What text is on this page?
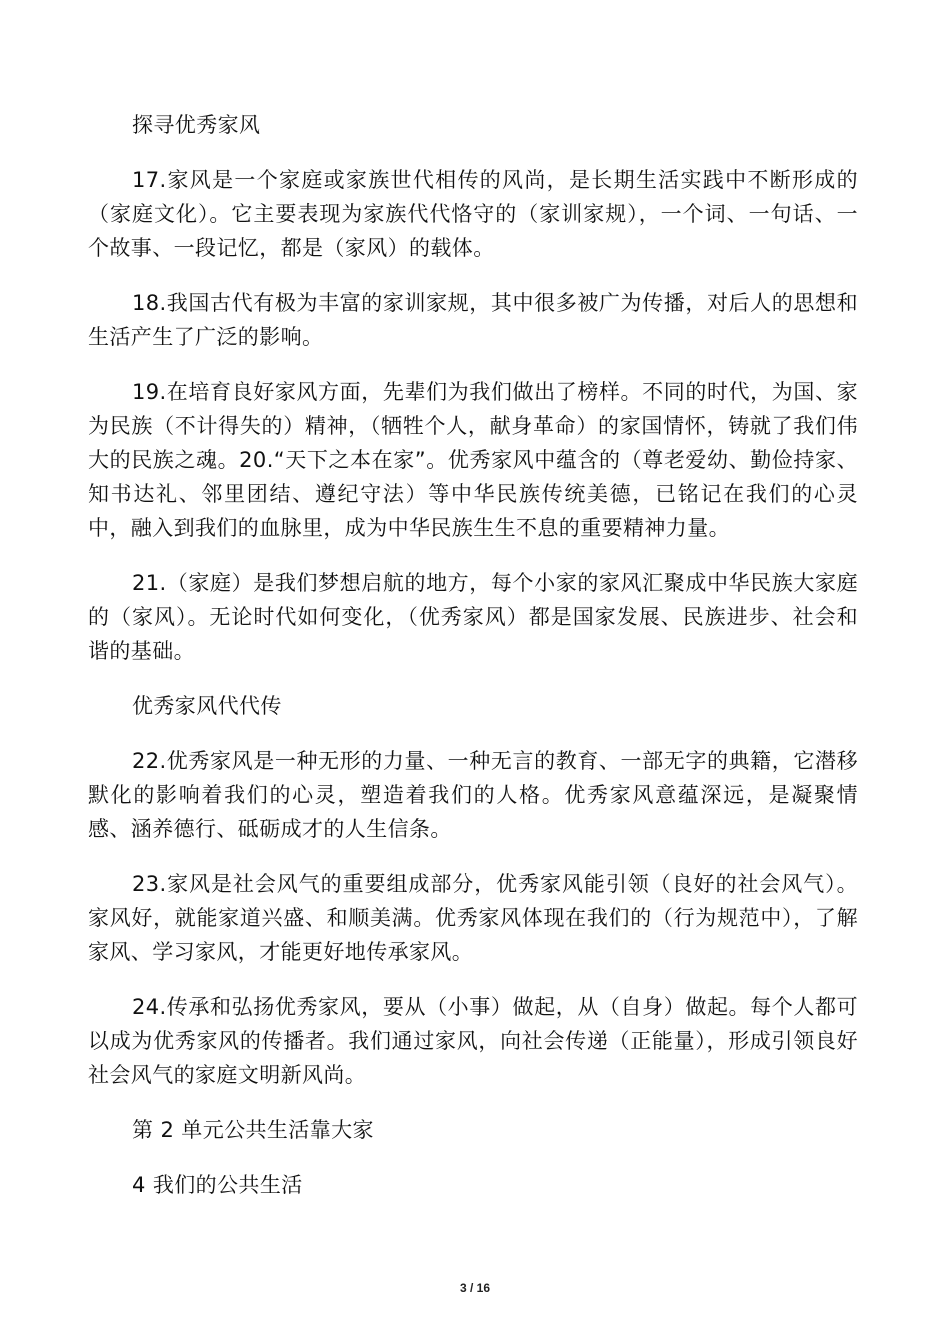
探寻优秀家风

17.家风是一个家庭或家族世代相传的风尚，是长期生活实践中不断形成的（家庭文化）。它主要表现为家族代代恪守的（家训家规），一个词、一句话、一个故事、一段记忆，都是（家风）的载体。

18.我国古代有极为丰富的家训家规，其中很多被广为传播，对后人的思想和生活产生了广泛的影响。

19.在培育良好家风方面，先辈们为我们做出了榜样。不同的时代，为国、家为民族（不计得失的）精神，（牺牲个人，献身革命）的家国情怀，铸就了我们伟大的民族之魂。20.“天下之本在家”。优秀家风中蕴含的（尊老爱幼、勤俭持家、知书达礼、邻里团结、遵纪守法）等中华民族传统美德，已铭记在我们的心灵中，融入到我们的血脉里，成为中华民族生生不息的重要精神力量。

21.（家庭）是我们梦想启航的地方，每个小家的家风汇聚成中华民族大家庭的（家风）。无论时代如何变化，（优秀家风）都是国家发展、民族进步、社会和谐的基础。

优秀家风代代传

22.优秀家风是一种无形的力量、一种无言的教育、一部无字的典籍，它潜移默化的影响着我们的心灵，塑造着我们的人格。优秀家风意蕴深远，是凝聚情感、涵养德行、砥砺成才的人生信条。

23.家风是社会风气的重要组成部分，优秀家风能引领（良好的社会风气）。家风好，就能家道兴盛、和顺美满。优秀家风体现在我们的（行为规范中），了解家风、学习家风，才能更好地传承家风。

24.传承和弘扬优秀家风，要从（小事）做起，从（自身）做起。每个人都可以成为优秀家风的传播者。我们通过家风，向社会传递（正能量），形成引领良好社会风气的家庭文明新风尚。

第 2 单元公共生活靠大家

4 我们的公共生活

3 / 16
